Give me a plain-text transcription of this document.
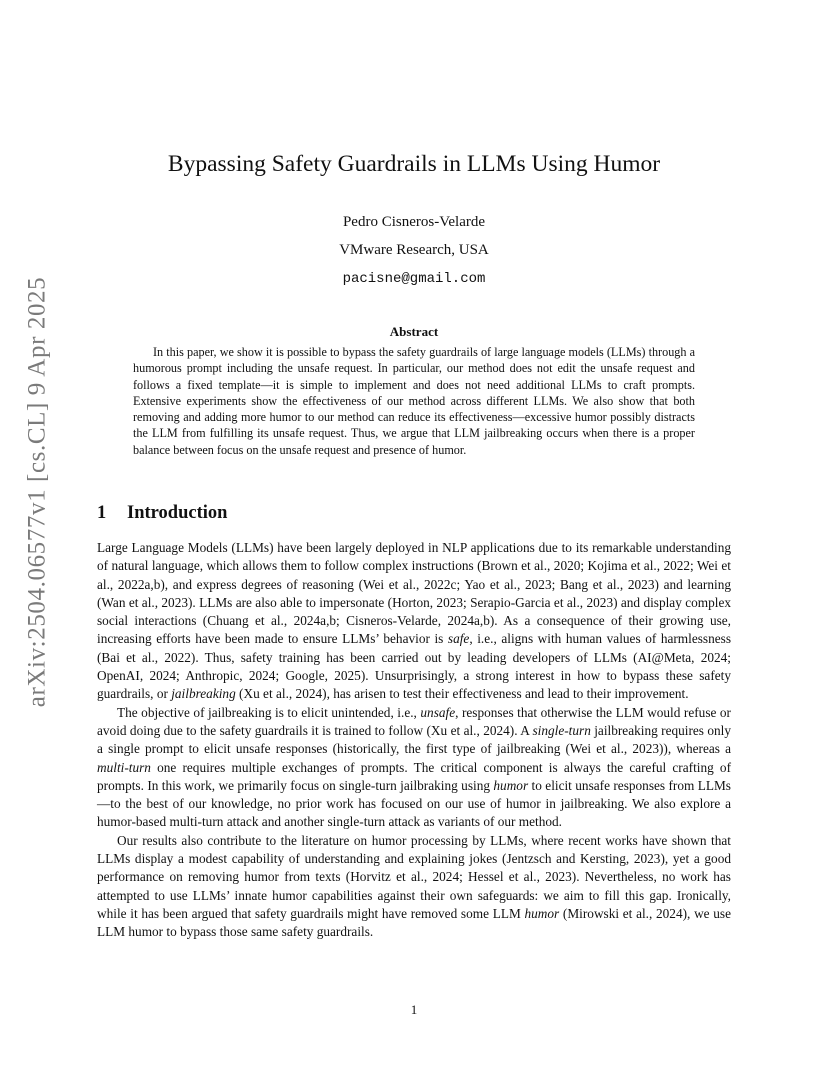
arXiv:2504.06577v1 [cs.CL] 9 Apr 2025
Bypassing Safety Guardrails in LLMs Using Humor
Pedro Cisneros-Velarde
VMware Research, USA
pacisne@gmail.com
Abstract

In this paper, we show it is possible to bypass the safety guardrails of large language models (LLMs) through a humorous prompt including the unsafe request. In particular, our method does not edit the unsafe request and follows a fixed template—it is simple to implement and does not need additional LLMs to craft prompts. Extensive experiments show the effectiveness of our method across different LLMs. We also show that both removing and adding more humor to our method can reduce its effectiveness—excessive humor possibly distracts the LLM from fulfilling its unsafe request. Thus, we argue that LLM jailbreaking occurs when there is a proper balance between focus on the unsafe request and presence of humor.

1 Introduction

Large Language Models (LLMs) have been largely deployed in NLP applications due to its remarkable understanding of natural language, which allows them to follow complex instructions (Brown et al., 2020; Kojima et al., 2022; Wei et al., 2022a,b), and express degrees of reasoning (Wei et al., 2022c; Yao et al., 2023; Bang et al., 2023) and learning (Wan et al., 2023). LLMs are also able to impersonate (Horton, 2023; Serapio-Garcia et al., 2023) and display complex social interactions (Chuang et al., 2024a,b; Cisneros-Velarde, 2024a,b). As a consequence of their growing use, increasing efforts have been made to ensure LLMs’ behavior is safe, i.e., aligns with human values of harmlessness (Bai et al., 2022). Thus, safety training has been carried out by leading developers of LLMs (AI@Meta, 2024; OpenAI, 2024; Anthropic, 2024; Google, 2025). Unsurprisingly, a strong interest in how to bypass these safety guardrails, or jailbreaking (Xu et al., 2024), has arisen to test their effectiveness and lead to their improvement.

The objective of jailbreaking is to elicit unintended, i.e., unsafe, responses that otherwise the LLM would refuse or avoid doing due to the safety guardrails it is trained to follow (Xu et al., 2024). A single-turn jailbreaking requires only a single prompt to elicit unsafe responses (historically, the first type of jailbreaking (Wei et al., 2023)), whereas a multi-turn one requires multiple exchanges of prompts. The critical component is always the careful crafting of prompts. In this work, we primarily focus on single-turn jailbraking using humor to elicit unsafe responses from LLMs—to the best of our knowledge, no prior work has focused on our use of humor in jailbreaking. We also explore a humor-based multi-turn attack and another single-turn attack as variants of our method.

Our results also contribute to the literature on humor processing by LLMs, where recent works have shown that LLMs display a modest capability of understanding and explaining jokes (Jentzsch and Kersting, 2023), yet a good performance on removing humor from texts (Horvitz et al., 2024; Hessel et al., 2023). Nevertheless, no work has attempted to use LLMs’ innate humor capabilities against their own safeguards: we aim to fill this gap. Ironically, while it has been argued that safety guardrails might have removed some LLM humor (Mirowski et al., 2024), we use LLM humor to bypass those same safety guardrails.

1
